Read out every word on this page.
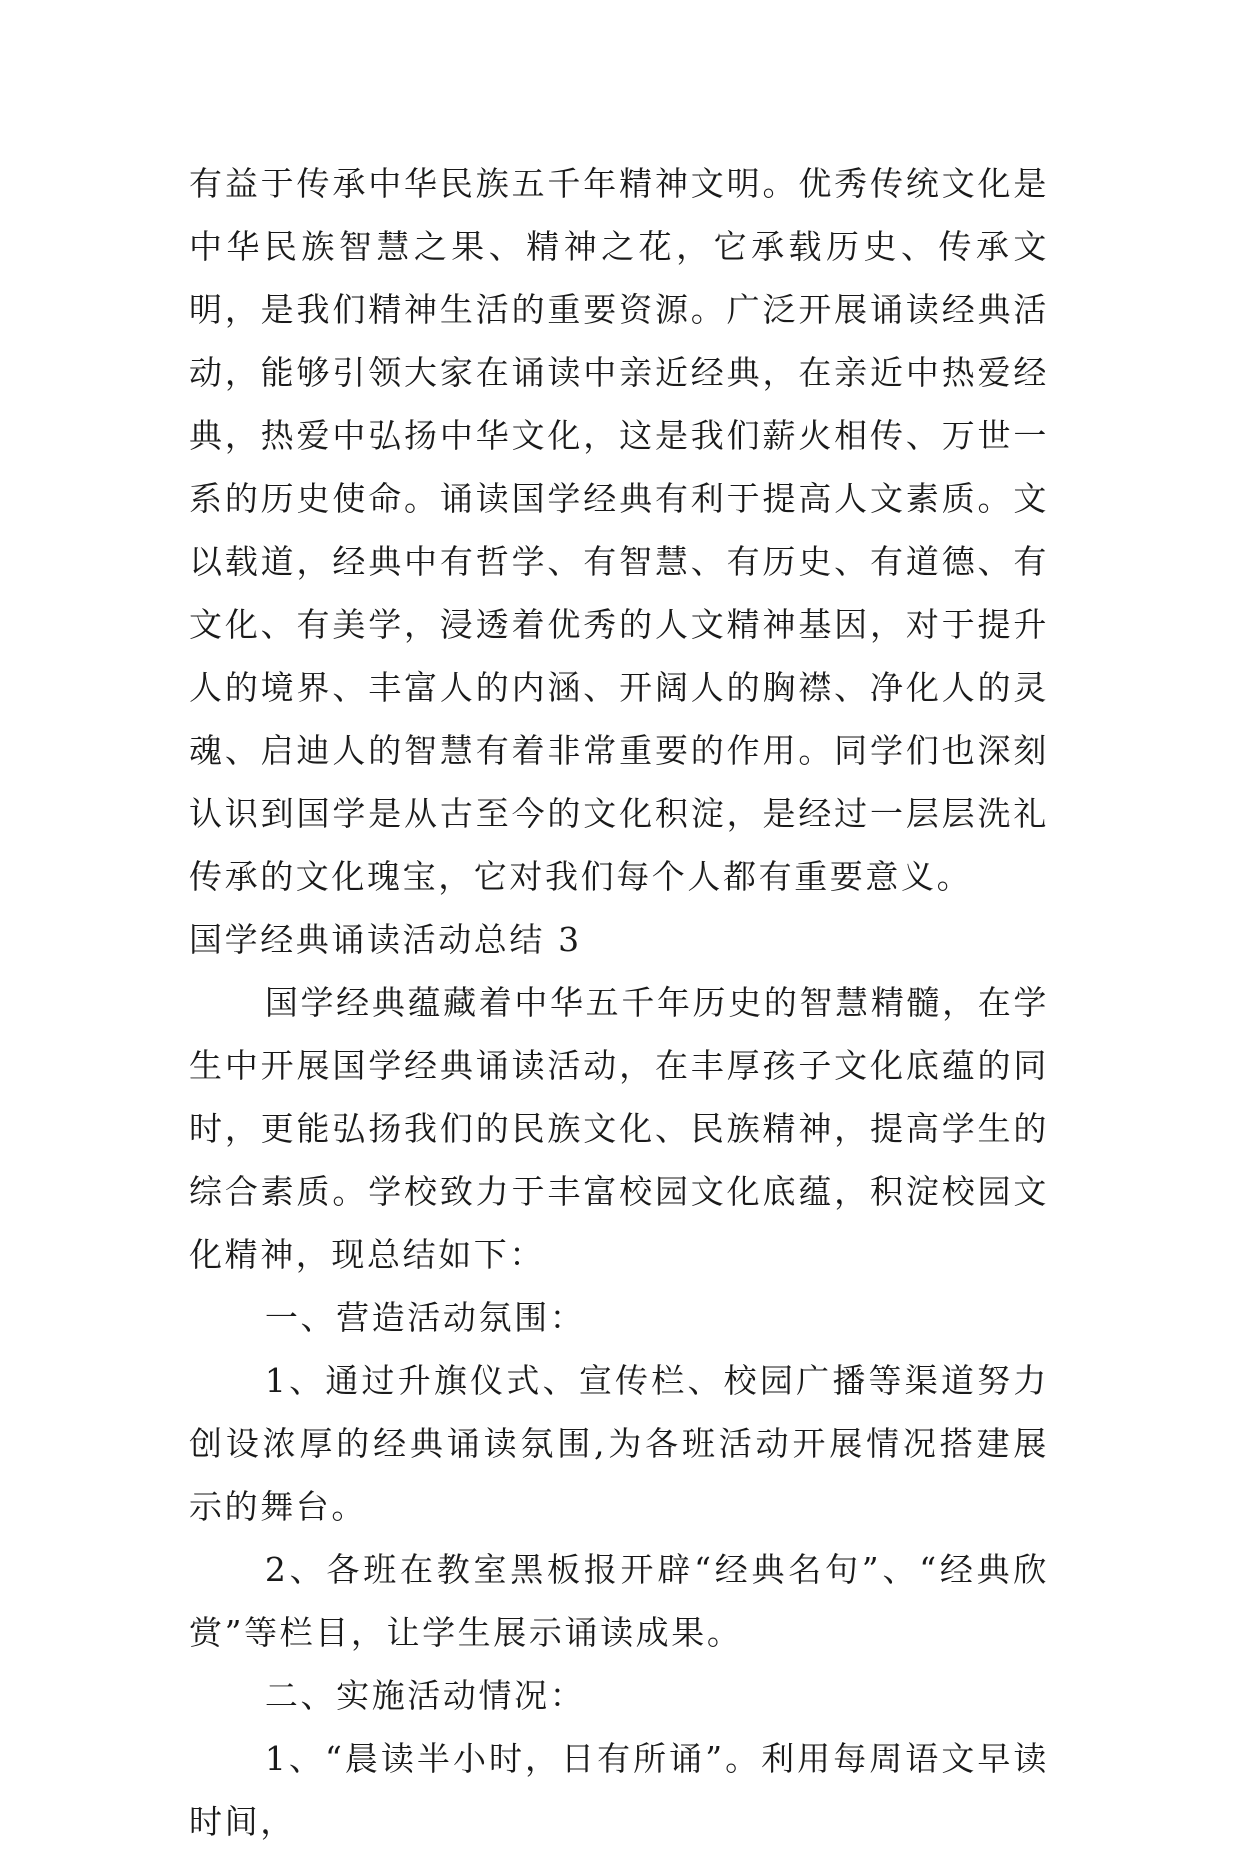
有益于传承中华民族五千年精神文明。优秀传统文化是中华民族智慧之果、精神之花，它承载历史、传承文明，是我们精神生活的重要资源。广泛开展诵读经典活动，能够引领大家在诵读中亲近经典，在亲近中热爱经典，热爱中弘扬中华文化，这是我们薪火相传、万世一系的历史使命。诵读国学经典有利于提高人文素质。文以载道，经典中有哲学、有智慧、有历史、有道德、有文化、有美学，浸透着优秀的人文精神基因，对于提升人的境界、丰富人的内涵、开阔人的胸襟、净化人的灵魂、启迪人的智慧有着非常重要的作用。同学们也深刻认识到国学是从古至今的文化积淀，是经过一层层洗礼传承的文化瑰宝，它对我们每个人都有重要意义。

国学经典诵读活动总结 3

国学经典蕴藏着中华五千年历史的智慧精髓，在学生中开展国学经典诵读活动，在丰厚孩子文化底蕴的同时，更能弘扬我们的民族文化、民族精神，提高学生的综合素质。学校致力于丰富校园文化底蕴，积淀校园文化精神，现总结如下：

一、营造活动氛围：

1、通过升旗仪式、宣传栏、校园广播等渠道努力创设浓厚的经典诵读氛围,为各班活动开展情况搭建展示的舞台。

2、各班在教室黑板报开辟“经典名句”、“经典欣赏”等栏目，让学生展示诵读成果。

二、实施活动情况：

1、“晨读半小时，日有所诵”。利用每周语文早读时间，
